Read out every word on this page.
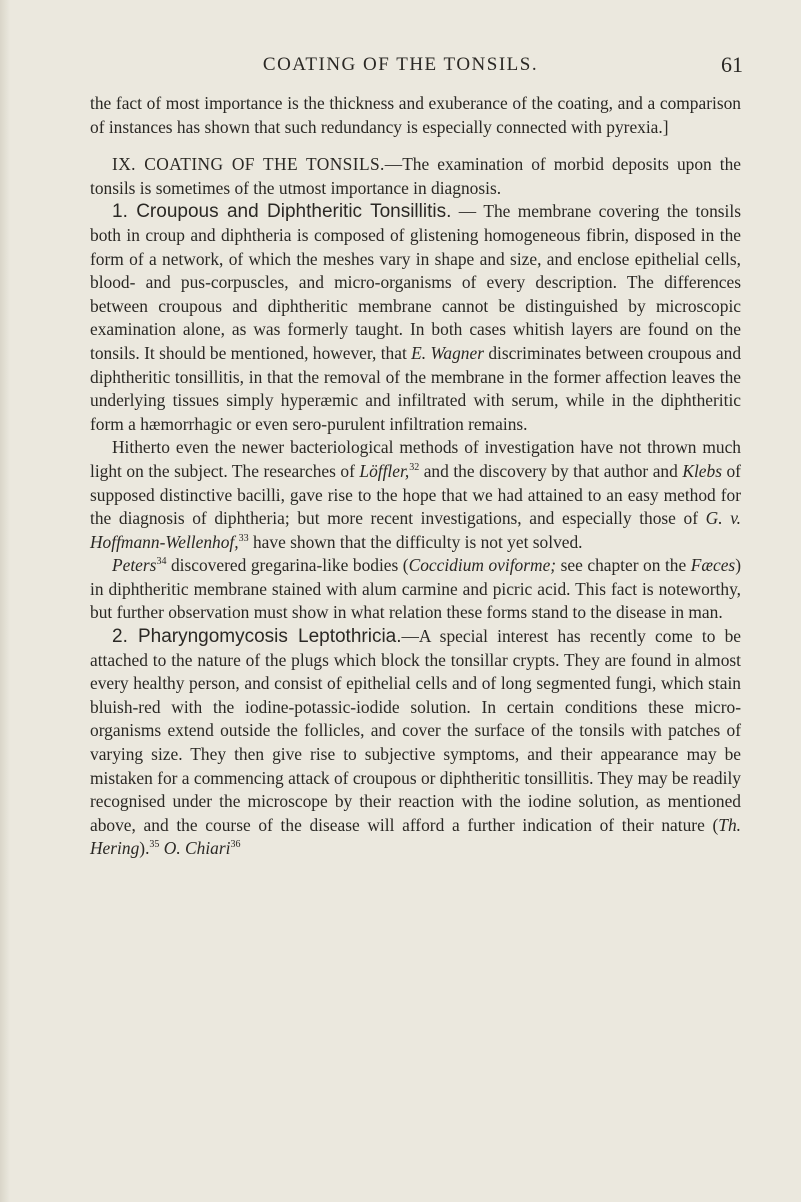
COATING OF THE TONSILS.	61

the fact of most importance is the thickness and exuberance of the coating, and a comparison of instances has shown that such redundancy is especially connected with pyrexia.]

IX. COATING OF THE TONSILS.—The examination of morbid deposits upon the tonsils is sometimes of the utmost importance in diagnosis.

1. Croupous and Diphtheritic Tonsillitis. — The membrane covering the tonsils both in croup and diphtheria is composed of glistening homogeneous fibrin, disposed in the form of a network, of which the meshes vary in shape and size, and enclose epithelial cells, blood- and pus-corpuscles, and micro-organisms of every description. The differences between croupous and diphtheritic membrane cannot be distinguished by microscopic examination alone, as was formerly taught. In both cases whitish layers are found on the tonsils. It should be mentioned, however, that E. Wagner discriminates between croupous and diphtheritic tonsillitis, in that the removal of the membrane in the former affection leaves the underlying tissues simply hyperæmic and infiltrated with serum, while in the diphtheritic form a hæmorrhagic or even sero-purulent infiltration remains.

Hitherto even the newer bacteriological methods of investigation have not thrown much light on the subject. The researches of Löffler,$^{32}$ and the discovery by that author and Klebs of supposed distinctive bacilli, gave rise to the hope that we had attained to an easy method for the diagnosis of diphtheria; but more recent investigations, and especially those of G. v. Hoffmann-Wellenhof,$^{33}$ have shown that the difficulty is not yet solved.

Peters$^{34}$ discovered gregarina-like bodies (Coccidium oviforme; see chapter on the Fæces) in diphtheritic membrane stained with alum carmine and picric acid. This fact is noteworthy, but further observation must show in what relation these forms stand to the disease in man.

2. Pharyngomycosis Leptothricia.—A special interest has recently come to be attached to the nature of the plugs which block the tonsillar crypts. They are found in almost every healthy person, and consist of epithelial cells and of long segmented fungi, which stain bluish-red with the iodine-potassic-iodide solution. In certain conditions these micro-organisms extend outside the follicles, and cover the surface of the tonsils with patches of varying size. They then give rise to subjective symptoms, and their appearance may be mistaken for a commencing attack of croupous or diphtheritic tonsillitis. They may be readily recognised under the microscope by their reaction with the iodine solution, as mentioned above, and the course of the disease will afford a further indication of their nature (Th. Hering).$^{35}$ O. Chiari$^{36}$
